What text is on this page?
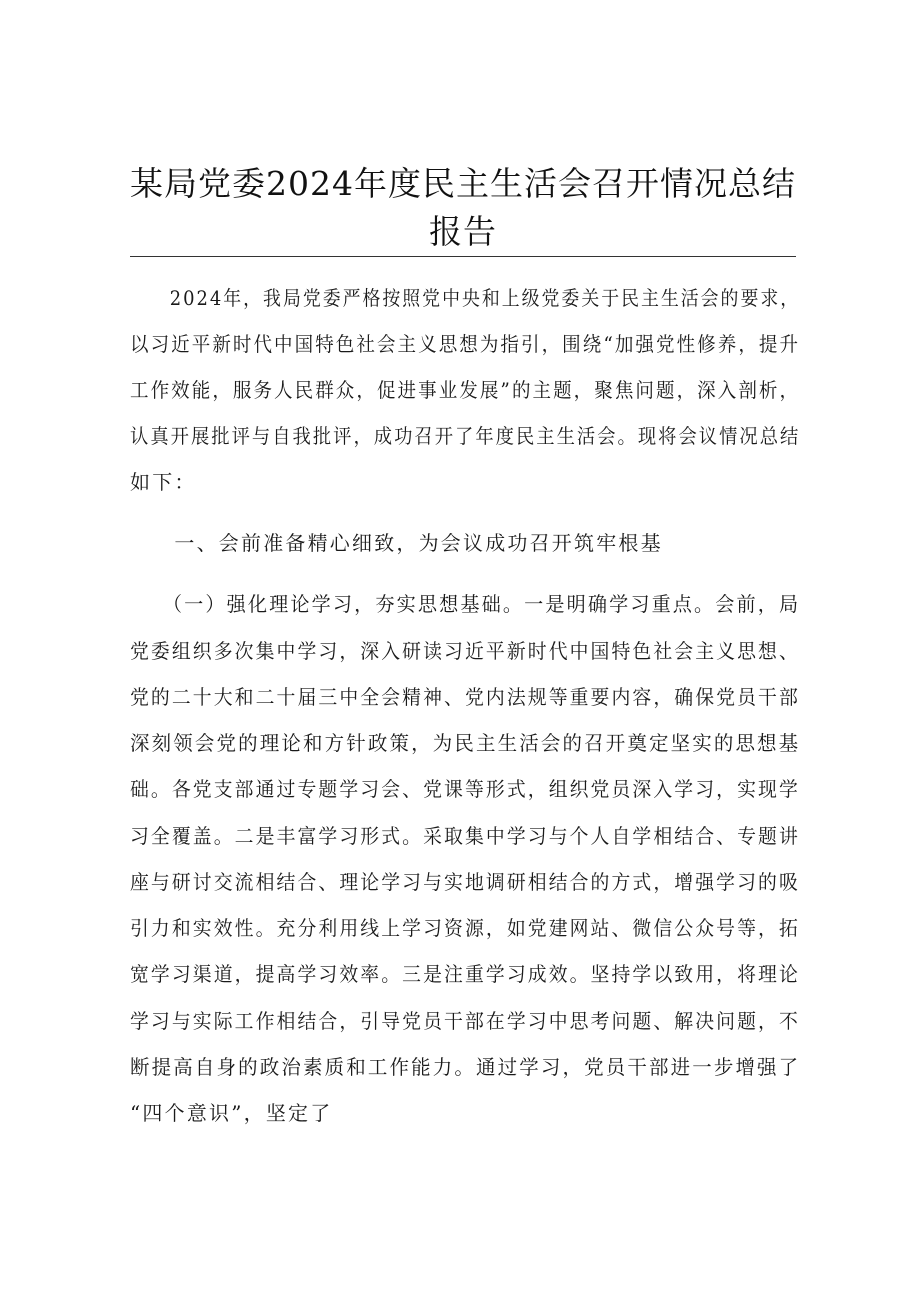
某局党委2024年度民主生活会召开情况总结
报告
　　2024年，我局党委严格按照党中央和上级党委关于民主生活会的要求，
以习近平新时代中国特色社会主义思想为指引，围绕“加强党性修养，提升
工作效能，服务人民群众，促进事业发展”的主题，聚焦问题，深入剖析，
认真开展批评与自我批评，成功召开了年度民主生活会。现将会议情况总结
如下：
　　一、会前准备精心细致，为会议成功召开筑牢根基
　　（一）强化理论学习，夯实思想基础。一是明确学习重点。会前，局
党委组织多次集中学习，深入研读习近平新时代中国特色社会主义思想、
党的二十大和二十届三中全会精神、党内法规等重要内容，确保党员干部
深刻领会党的理论和方针政策，为民主生活会的召开奠定坚实的思想基
础。各党支部通过专题学习会、党课等形式，组织党员深入学习，实现学
习全覆盖。二是丰富学习形式。采取集中学习与个人自学相结合、专题讲
座与研讨交流相结合、理论学习与实地调研相结合的方式，增强学习的吸
引力和实效性。充分利用线上学习资源，如党建网站、微信公众号等，拓
宽学习渠道，提高学习效率。三是注重学习成效。坚持学以致用，将理论
学习与实际工作相结合，引导党员干部在学习中思考问题、解决问题，不
断提高自身的政治素质和工作能力。通过学习，党员干部进一步增强了
“四个意识”，坚定了
